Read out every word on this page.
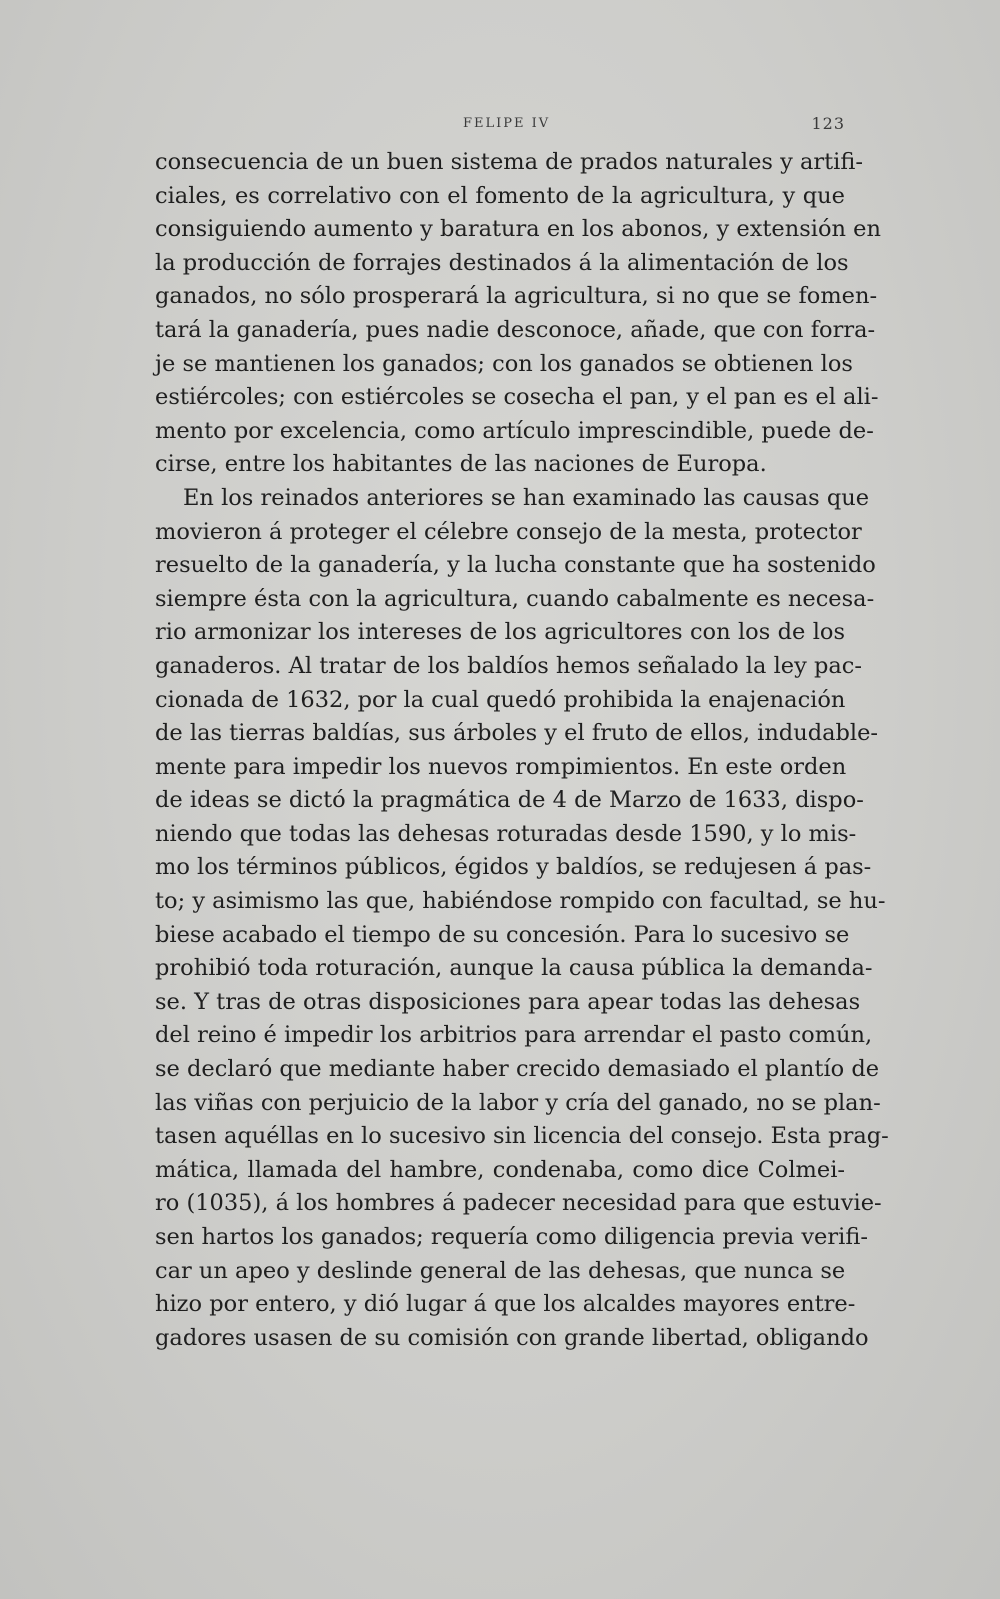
FELIPE IV	123

consecuencia de un buen sistema de prados naturales y artifi-
ciales, es correlativo con el fomento de la agricultura, y que
consiguiendo aumento y baratura en los abonos, y extensión en
la producción de forrajes destinados á la alimentación de los
ganados, no sólo prosperará la agricultura, si no que se fomen-
tará la ganadería, pues nadie desconoce, añade, que con forra-
je se mantienen los ganados; con los ganados se obtienen los
estiércoles; con estiércoles se cosecha el pan, y el pan es el ali-
mento por excelencia, como artículo imprescindible, puede de-
cirse, entre los habitantes de las naciones de Europa.

En los reinados anteriores se han examinado las causas que
movieron á proteger el célebre consejo de la mesta, protector
resuelto de la ganadería, y la lucha constante que ha sostenido
siempre ésta con la agricultura, cuando cabalmente es necesa-
rio armonizar los intereses de los agricultores con los de los
ganaderos. Al tratar de los baldíos hemos señalado la ley pac-
cionada de 1632, por la cual quedó prohibida la enajenación
de las tierras baldías, sus árboles y el fruto de ellos, indudable-
mente para impedir los nuevos rompimientos. En este orden
de ideas se dictó la pragmática de 4 de Marzo de 1633, dispo-
niendo que todas las dehesas roturadas desde 1590, y lo mis-
mo los términos públicos, égidos y baldíos, se redujesen á pas-
to; y asimismo las que, habiéndose rompido con facultad, se hu-
biese acabado el tiempo de su concesión. Para lo sucesivo se
prohibió toda roturación, aunque la causa pública la demanda-
se. Y tras de otras disposiciones para apear todas las dehesas
del reino é impedir los arbitrios para arrendar el pasto común,
se declaró que mediante haber crecido demasiado el plantío de
las viñas con perjuicio de la labor y cría del ganado, no se plan-
tasen aquéllas en lo sucesivo sin licencia del consejo. Esta prag-
mática, llamada del hambre, condenaba, como dice Colmei-
ro (1035), á los hombres á padecer necesidad para que estuvie-
sen hartos los ganados; requería como diligencia previa verifi-
car un apeo y deslinde general de las dehesas, que nunca se
hizo por entero, y dió lugar á que los alcaldes mayores entre-
gadores usasen de su comisión con grande libertad, obligando
